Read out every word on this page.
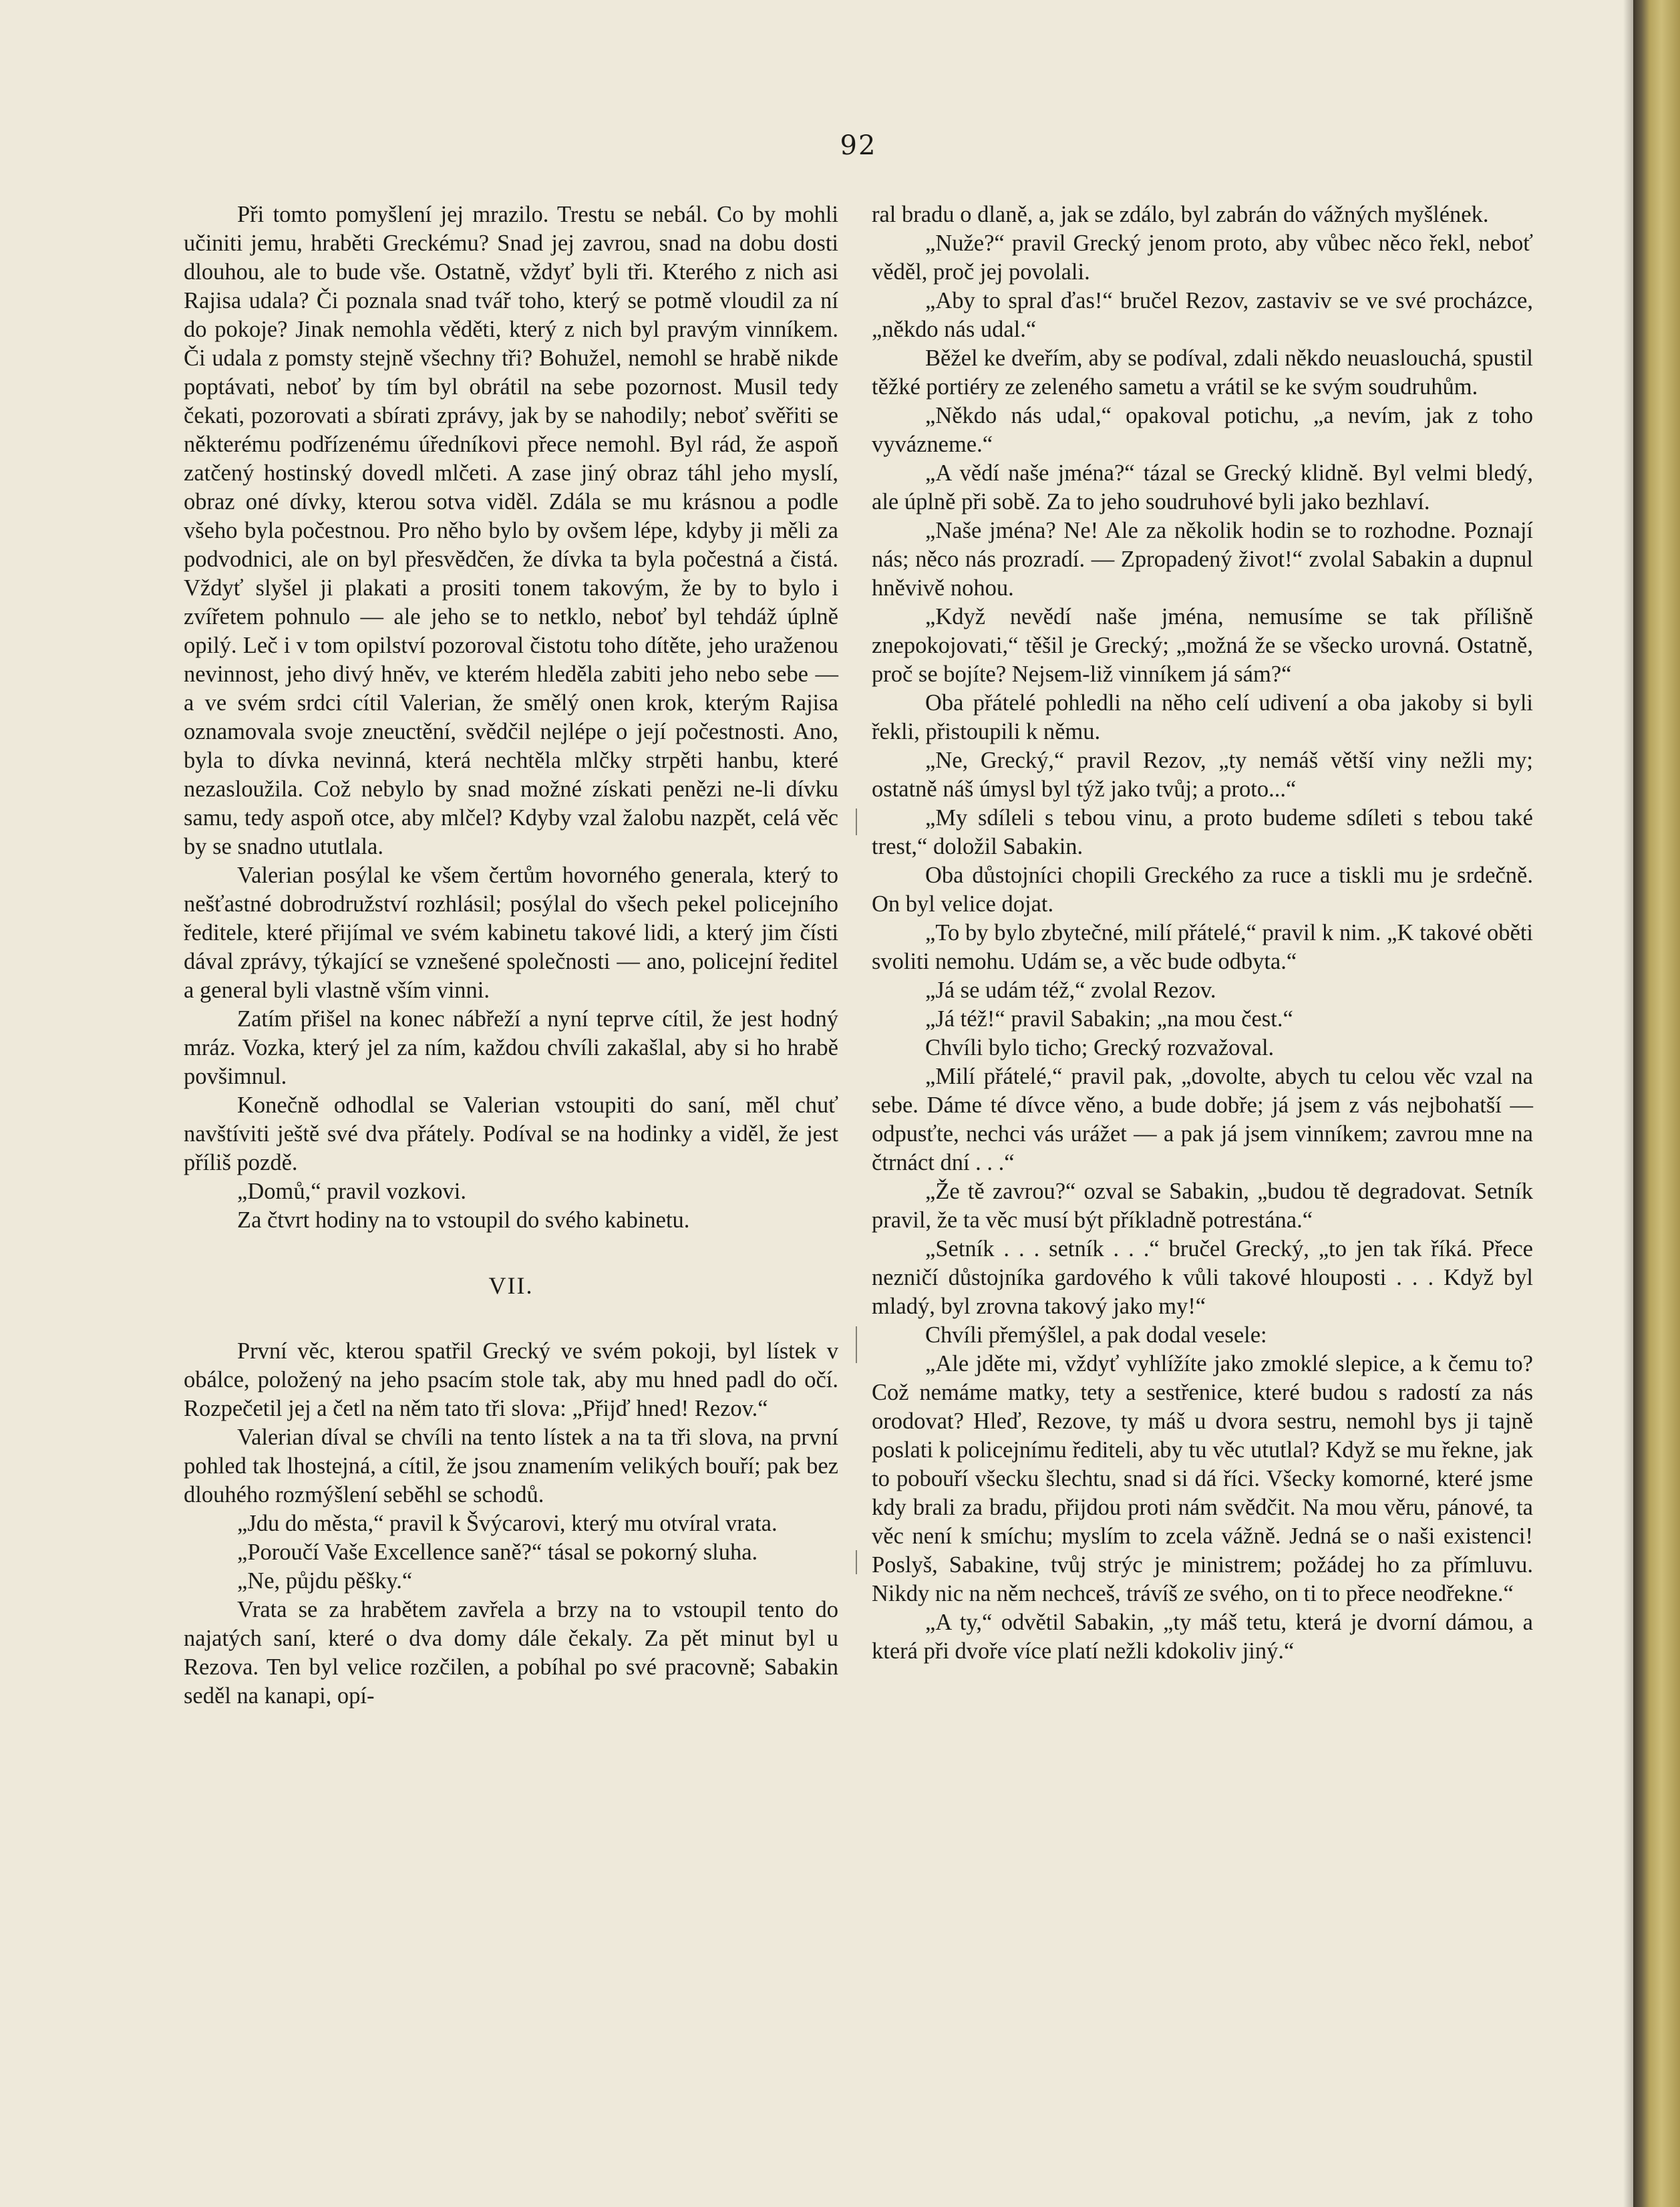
92

Při tomto pomyšlení jej mrazilo. Trestu se nebál. Co by mohli učiniti jemu, hraběti Greckému? Snad jej zavrou, snad na dobu dosti dlouhou, ale to bude vše. Ostatně, vždyť byli tři. Kterého z nich asi Rajisa udala? Či poznala snad tvář toho, který se potmě vloudil za ní do pokoje? Jinak nemohla věděti, který z nich byl pravým vinníkem. Či udala z pomsty stejně všechny tři? Bohužel, nemohl se hrabě nikde poptávati, neboť by tím byl obrátil na sebe pozornost. Musil tedy čekati, pozorovati a sbírati zprávy, jak by se nahodily; neboť svěřiti se některému podřízenému úředníkovi přece nemohl. Byl rád, že aspoň zatčený hostinský dovedl mlčeti. A zase jiný obraz táhl jeho myslí, obraz oné dívky, kterou sotva viděl. Zdála se mu krásnou a podle všeho byla počestnou. Pro něho bylo by ovšem lépe, kdyby ji měli za podvodnici, ale on byl přesvědčen, že dívka ta byla počestná a čistá. Vždyť slyšel ji plakati a prositi tonem takovým, že by to bylo i zvířetem pohnulo — ale jeho se to netklo, neboť byl tehdáž úplně opilý. Leč i v tom opilství pozoroval čistotu toho dítěte, jeho uraženou nevinnost, jeho divý hněv, ve kterém hleděla zabiti jeho nebo sebe — a ve svém srdci cítil Valerian, že smělý onen krok, kterým Rajisa oznamovala svoje zneuctění, svědčil nejlépe o její počestnosti. Ano, byla to dívka nevinná, která nechtěla mlčky strpěti hanbu, které nezasloužila. Což nebylo by snad možné získati penězi ne-li dívku samu, tedy aspoň otce, aby mlčel? Kdyby vzal žalobu nazpět, celá věc by se snadno ututlala.

Valerian posýlal ke všem čertům hovorného generala, který to nešťastné dobrodružství rozhlásil; posýlal do všech pekel policejního ředitele, které přijímal ve svém kabinetu takové lidi, a který jim čísti dával zprávy, týkající se vznešené společnosti — ano, policejní ředitel a general byli vlastně vším vinni.

Zatím přišel na konec nábřeží a nyní teprve cítil, že jest hodný mráz. Vozka, který jel za ním, každou chvíli zakašlal, aby si ho hrabě povšimnul.

Konečně odhodlal se Valerian vstoupiti do saní, měl chuť navštíviti ještě své dva přátely. Podíval se na hodinky a viděl, že jest příliš pozdě.

„Domů,“ pravil vozkovi.

Za čtvrt hodiny na to vstoupil do svého kabinetu.

VII.

První věc, kterou spatřil Grecký ve svém pokoji, byl lístek v obálce, položený na jeho psacím stole tak, aby mu hned padl do očí. Rozpečetil jej a četl na něm tato tři slova: „Přijď hned! Rezov.“

Valerian díval se chvíli na tento lístek a na ta tři slova, na první pohled tak lhostejná, a cítil, že jsou znamením velikých bouří; pak bez dlouhého rozmýšlení seběhl se schodů.

„Jdu do města,“ pravil k Švýcarovi, který mu otvíral vrata.

„Poroučí Vaše Excellence saně?“ tásal se pokorný sluha.

„Ne, půjdu pěšky.“

Vrata se za hrabětem zavřela a brzy na to vstoupil tento do najatých saní, které o dva domy dále čekaly. Za pět minut byl u Rezova. Ten byl velice rozčilen, a pobíhal po své pracovně; Sabakin seděl na kanapi, opí-

ral bradu o dlaně, a, jak se zdálo, byl zabrán do vážných myšlének.

„Nuže?“ pravil Grecký jenom proto, aby vůbec něco řekl, neboť věděl, proč jej povolali.

„Aby to spral ďas!“ bručel Rezov, zastaviv se ve své procházce, „někdo nás udal.“

Běžel ke dveřím, aby se podíval, zdali někdo neuaslouchá, spustil těžké portiéry ze zeleného sametu a vrátil se ke svým soudruhům.

„Někdo nás udal,“ opakoval potichu, „a nevím, jak z toho vyvázneme.“

„A vědí naše jména?“ tázal se Grecký klidně. Byl velmi bledý, ale úplně při sobě. Za to jeho soudruhové byli jako bezhlaví.

„Naše jména? Ne! Ale za několik hodin se to rozhodne. Poznají nás; něco nás prozradí. — Zpropadený život!“ zvolal Sabakin a dupnul hněvivě nohou.

„Když nevědí naše jména, nemusíme se tak přílišně znepokojovati,“ těšil je Grecký; „možná že se všecko urovná. Ostatně, proč se bojíte? Nejsem-liž vinníkem já sám?“

Oba přátelé pohledli na něho celí udivení a oba jakoby si byli řekli, přistoupili k němu.

„Ne, Grecký,“ pravil Rezov, „ty nemáš větší viny nežli my; ostatně náš úmysl byl týž jako tvůj; a proto...“

„My sdíleli s tebou vinu, a proto budeme sdíleti s tebou také trest,“ doložil Sabakin.

Oba důstojníci chopili Greckého za ruce a tiskli mu je srdečně. On byl velice dojat.

„To by bylo zbytečné, milí přátelé,“ pravil k nim. „K takové oběti svoliti nemohu. Udám se, a věc bude odbyta.“

„Já se udám též,“ zvolal Rezov.

„Já též!“ pravil Sabakin; „na mou čest.“

Chvíli bylo ticho; Grecký rozvažoval.

„Milí přátelé,“ pravil pak, „dovolte, abych tu celou věc vzal na sebe. Dáme té dívce věno, a bude dobře; já jsem z vás nejbohatší — odpusťte, nechci vás urážet — a pak já jsem vinníkem; zavrou mne na čtrnáct dní . . .“

„Že tě zavrou?“ ozval se Sabakin, „budou tě degradovat. Setník pravil, že ta věc musí být příkladně potrestána.“

„Setník . . . setník . . .“ bručel Grecký, „to jen tak říká. Přece nezničí důstojníka gardového k vůli takové hlouposti . . . Když byl mladý, byl zrovna takový jako my!“

Chvíli přemýšlel, a pak dodal vesele:

„Ale jděte mi, vždyť vyhlížíte jako zmoklé slepice, a k čemu to? Což nemáme matky, tety a sestřenice, které budou s radostí za nás orodovat? Hleď, Rezove, ty máš u dvora sestru, nemohl bys ji tajně poslati k policejnímu řediteli, aby tu věc ututlal? Když se mu řekne, jak to pobouří všecku šlechtu, snad si dá říci. Všecky komorné, které jsme kdy brali za bradu, přijdou proti nám svědčit. Na mou věru, pánové, ta věc není k smíchu; myslím to zcela vážně. Jedná se o naši existenci! Poslyš, Sabakine, tvůj strýc je ministrem; požádej ho za přímluvu. Nikdy nic na něm nechceš, trávíš ze svého, on ti to přece neodřekne.“

„A ty,“ odvětil Sabakin, „ty máš tetu, která je dvorní dámou, a která při dvoře více platí nežli kdokoliv jiný.“
